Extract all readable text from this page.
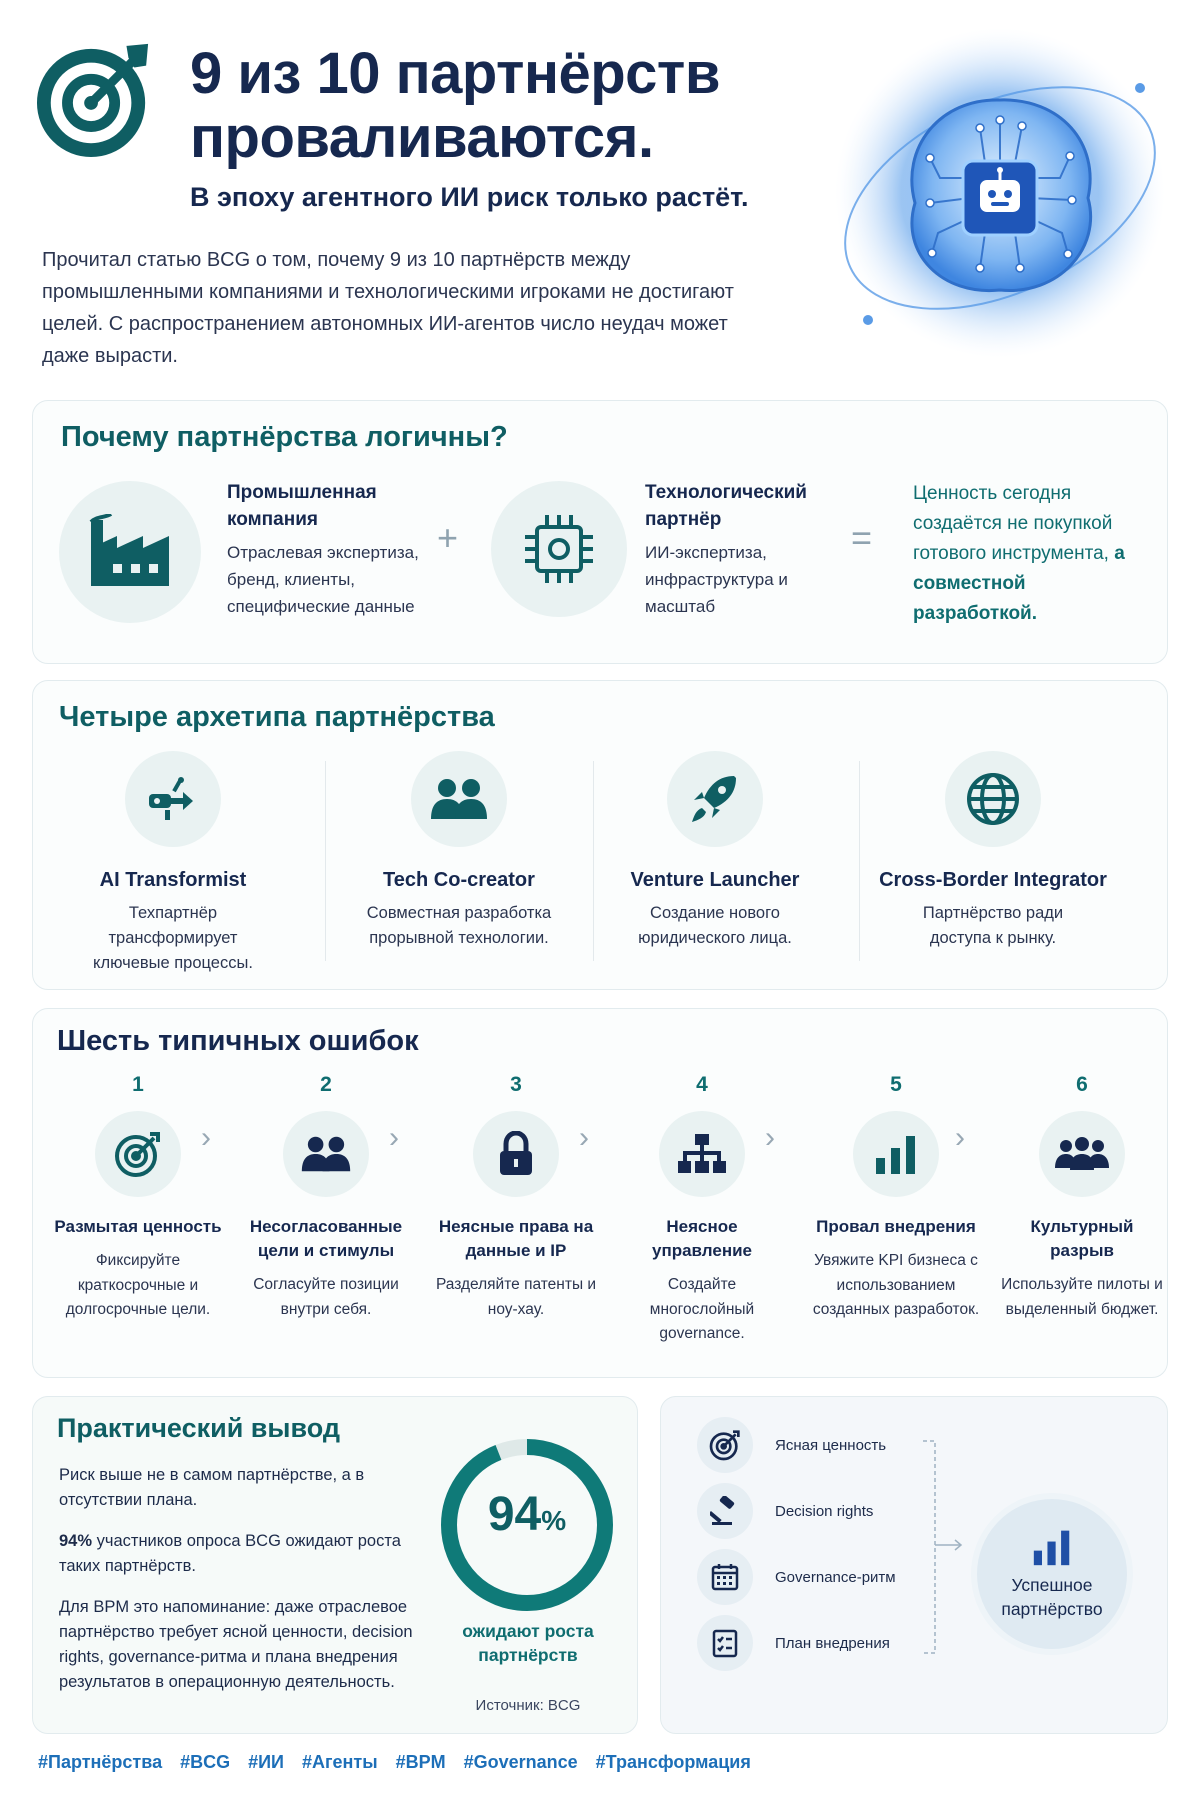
9 из 10 партнёрств проваливаются.
В эпоху агентного ИИ риск только растёт.
Прочитал статью BCG о том, почему 9 из 10 партнёрств между промышленными компаниями и технологическими игроками не достигают целей. С распространением автономных ИИ-агентов число неудач может даже вырасти.
Почему партнёрства логичны?
Промышленная компания
Отраслевая экспертиза, бренд, клиенты, специфические данные
+
Технологический партнёр
ИИ-экспертиза, инфраструктура и масштаб
=
Ценность сегодня создаётся не покупкой готового инструмента, а совместной разработкой.
Четыре архетипа партнёрства
AI Transformist
Техпартнёр трансформирует ключевые процессы.
Tech Co-creator
Совместная разработка прорывной технологии.
Venture Launcher
Создание нового юридического лица.
Cross-Border Integrator
Партнёрство ради доступа к рынку.
Шесть типичных ошибок
1
Размытая ценность
Фиксируйте краткосрочные и долгосрочные цели.
›
2
Несогласованные цели и стимулы
Согласуйте позиции внутри себя.
›
3
Неясные права на данные и IP
Разделяйте патенты и ноу-хау.
›
4
Неясное управление
Создайте многослойный governance.
›
5
Провал внедрения
Увяжите KPI бизнеса с использованием созданных разработок.
›
6
Культурный разрыв
Используйте пилоты и выделенный бюджет.
Практический вывод
Риск выше не в самом партнёрстве, а в отсутствии плана.
94% участников опроса BCG ожидают роста таких партнёрств.
Для BPM это напоминание: даже отраслевое партнёрство требует ясной ценности, decision rights, governance-ритма и плана внедрения результатов в операционную деятельность.
94%
ожидают роста партнёрств
Источник: BCG
Ясная ценность
Decision rights
Governance-ритм
План внедрения
Успешное партнёрство
#Партнёрства #BCG #ИИ #Агенты #BPM #Governance #Трансформация
